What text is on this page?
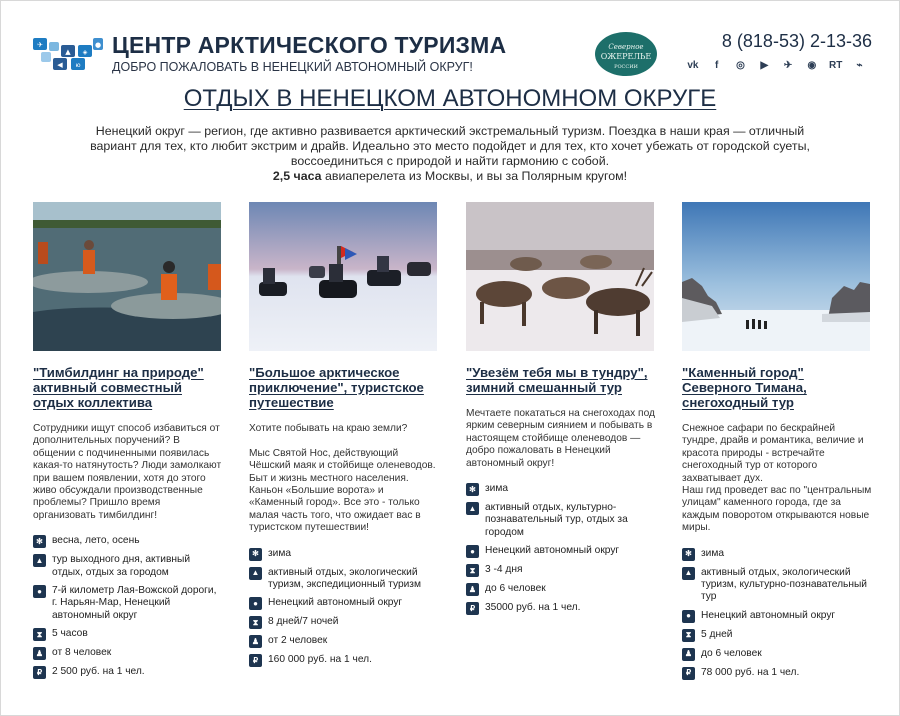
✈
▲ ◈
◀ ю
● ЦЕНТР АРКТИЧЕСКОГО ТУРИЗМА
ДОБРО ПОЖАЛОВАТЬ В НЕНЕЦКИЙ АВТОНОМНЫЙ ОКРУГ!
Северное
ОЖЕРЕЛЬЕ
РОССИИ
8 (818-53) 2-13-36
vk	f	◎	▶	✈	◉	RT	⌁
ОТДЫХ В НЕНЕЦКОМ АВТОНОМНОМ ОКРУГЕ
Ненецкий округ — регион, где активно развивается арктический экстремальный туризм. Поездка в наши края — отличный вариант для тех, кто любит экстрим и драйв. Идеально это место подойдет и для тех, кто хочет убежать от городской суеты, воссоединиться с природой и найти гармонию с собой.
2,5 часа авиаперелета из Москвы, и вы за Полярным кругом!
"Тимбилдинг на природе" активный совместный отдых коллектива
Сотрудники ищут способ избавиться от дополнительных поручений? В общении с подчиненными появилась какая-то натянутость? Люди замолкают при вашем появлении, хотя до этого живо обсуждали производственные проблемы? Пришло время организовать тимбилдинг!
✻ весна, лето, осень
▲ тур выходного дня, активный отдых, отдых за городом
● 7-й километр Лая-Вожской дороги, г. Нарьян-Мар, Ненецкий автономный округ
⧗ 5 часов
♟ от 8 человек
₽ 2 500 руб. на 1 чел.
"Большое арктическое приключение", туристское путешествие
Хотите побывать на краю земли?

Мыс Святой Нос, действующий Чёшский маяк и стойбище оленеводов. Быт и жизнь местного населения. Каньон «Большие ворота» и «Каменный город». Все это - только малая часть того, что ожидает вас в туристском путешествии!
✻ зима
▲ активный отдых, экологический туризм, экспедиционный туризм
● Ненецкий автономный округ
⧗ 8 дней/7 ночей
♟ от 2 человек
₽ 160 000 руб. на 1 чел.
"Увезём тебя мы в тундру", зимний смешанный тур
Мечтаете покататься на снегоходах под ярким северным сиянием и побывать в настоящем стойбище оленеводов — добро пожаловать в Ненецкий автономный округ!
✻ зима
▲ активный отдых, культурно-познавательный тур, отдых за городом
● Ненецкий автономный округ
⧗ 3 -4 дня
♟ до 6 человек
₽ 35000 руб. на 1 чел.
"Каменный город" Северного Тимана, снегоходный тур
Снежное сафари по бескрайней тундре, драйв и романтика, величие и красота природы - встречайте снегоходный тур от которого захватывает дух.
Наш гид проведет вас по "центральным улицам" каменного города, где за каждым поворотом открываются новые миры.
✻ зима
▲ активный отдых, экологический туризм, культурно-познавательный тур
● Ненецкий автономный округ
⧗ 5 дней
♟ до 6 человек
₽ 78 000 руб. на 1 чел.
